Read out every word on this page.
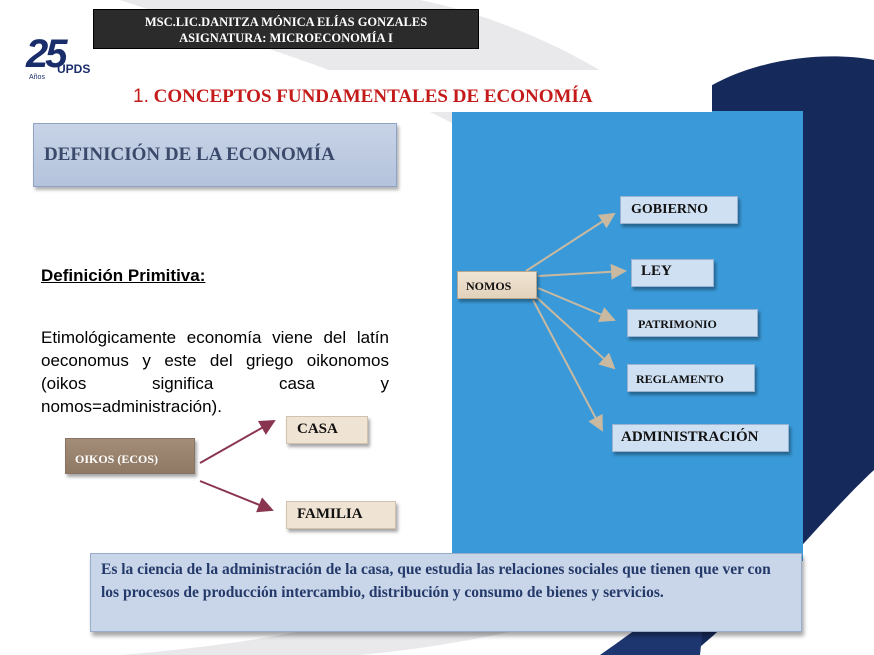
MSC.LIC.DANITZA MÓNICA ELÍAS GONZALES
ASIGNATURA: MICROECONOMÍA I
25
UPDS
Años
1. CONCEPTOS FUNDAMENTALES DE ECONOMÍA
DEFINICIÓN DE LA ECONOMÍA
Definición Primitiva:
Etimológicamente economía viene del latín oeconomus y este del griego oikonomos (oikos significa casa y nomos=administración).
OIKOS (ECOS)
CASA
FAMILIA
NOMOS
GOBIERNO
LEY
PATRIMONIO
REGLAMENTO
ADMINISTRACIÓN
Es la ciencia de la administración de la casa, que estudia las relaciones sociales que tienen que ver con los procesos de producción intercambio, distribución y consumo de bienes y servicios.
